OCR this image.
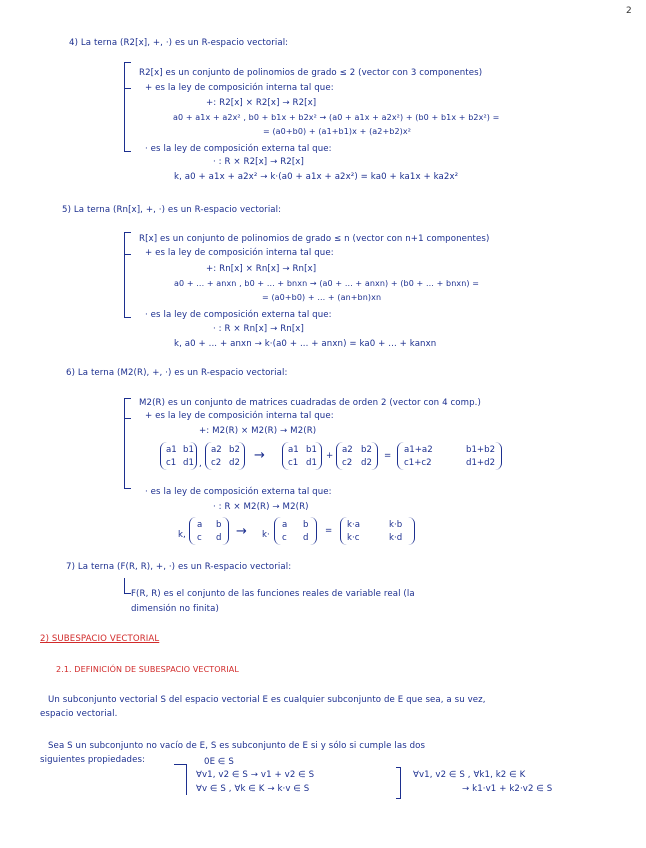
2
4) La terna (R2[x], +, ·) es un R-espacio vectorial:
R2[x] es un conjunto de polinomios de grado ≤ 2 (vector con 3 componentes)
+ es la ley de composición interna tal que:
+: R2[x] × R2[x] → R2[x]
a0 + a1x + a2x² , b0 + b1x + b2x² → (a0 + a1x + a2x²) + (b0 + b1x + b2x²) =
= (a0+b0) + (a1+b1)x + (a2+b2)x²
· es la ley de composición externa tal que:
· : R × R2[x] → R2[x]
k, a0 + a1x + a2x² → k·(a0 + a1x + a2x²) = ka0 + ka1x + ka2x²
5) La terna (Rn[x], +, ·) es un R-espacio vectorial:
R[x] es un conjunto de polinomios de grado ≤ n (vector con n+1 componentes)
+ es la ley de composición interna tal que:
+: Rn[x] × Rn[x] → Rn[x]
a0 + ... + anxn , b0 + ... + bnxn → (a0 + ... + anxn) + (b0 + ... + bnxn) =
= (a0+b0) + ... + (an+bn)xn
· es la ley de composición externa tal que:
· : R × Rn[x] → Rn[x]
k, a0 + ... + anxn → k·(a0 + ... + anxn) = ka0 + ... + kanxn
6) La terna (M2(R), +, ·) es un R-espacio vectorial:
M2(R) es un conjunto de matrices cuadradas de orden 2 (vector con 4 comp.)
+ es la ley de composición interna tal que:
+: M2(R) × M2(R) → M2(R)
a1 b1
c1 d1 ,
a2 b2
c2 d2 →	a1 b1
c1 d1
+
a2 b2
c2 d2
=
a1+a2	b1+b2
c1+c2	d1+d2
· es la ley de composición externa tal que:
· : R × M2(R) → M2(R)
k,
a b
c d → k·
a b
c d
=
k·a	k·b
k·c	k·d
7) La terna (F(R, R), +, ·) es un R-espacio vectorial:
F(R, R) es el conjunto de las funciones reales de variable real (la
dimensión no finita)
2) SUBESPACIO VECTORIAL
2.1. DEFINICIÓN DE SUBESPACIO VECTORIAL
Un subconjunto vectorial S del espacio vectorial E es cualquier subconjunto de E que sea, a su vez,
espacio vectorial.
Sea S un subconjunto no vacío de E, S es subconjunto de E si y sólo si cumple las dos
siguientes propiedades:	0E ∈ S
∀v1, v2 ∈ S → v1 + v2 ∈ S
∀v ∈ S , ∀k ∈ K → k·v ∈ S
∀v1, v2 ∈ S , ∀k1, k2 ∈ K
→ k1·v1 + k2·v2 ∈ S
